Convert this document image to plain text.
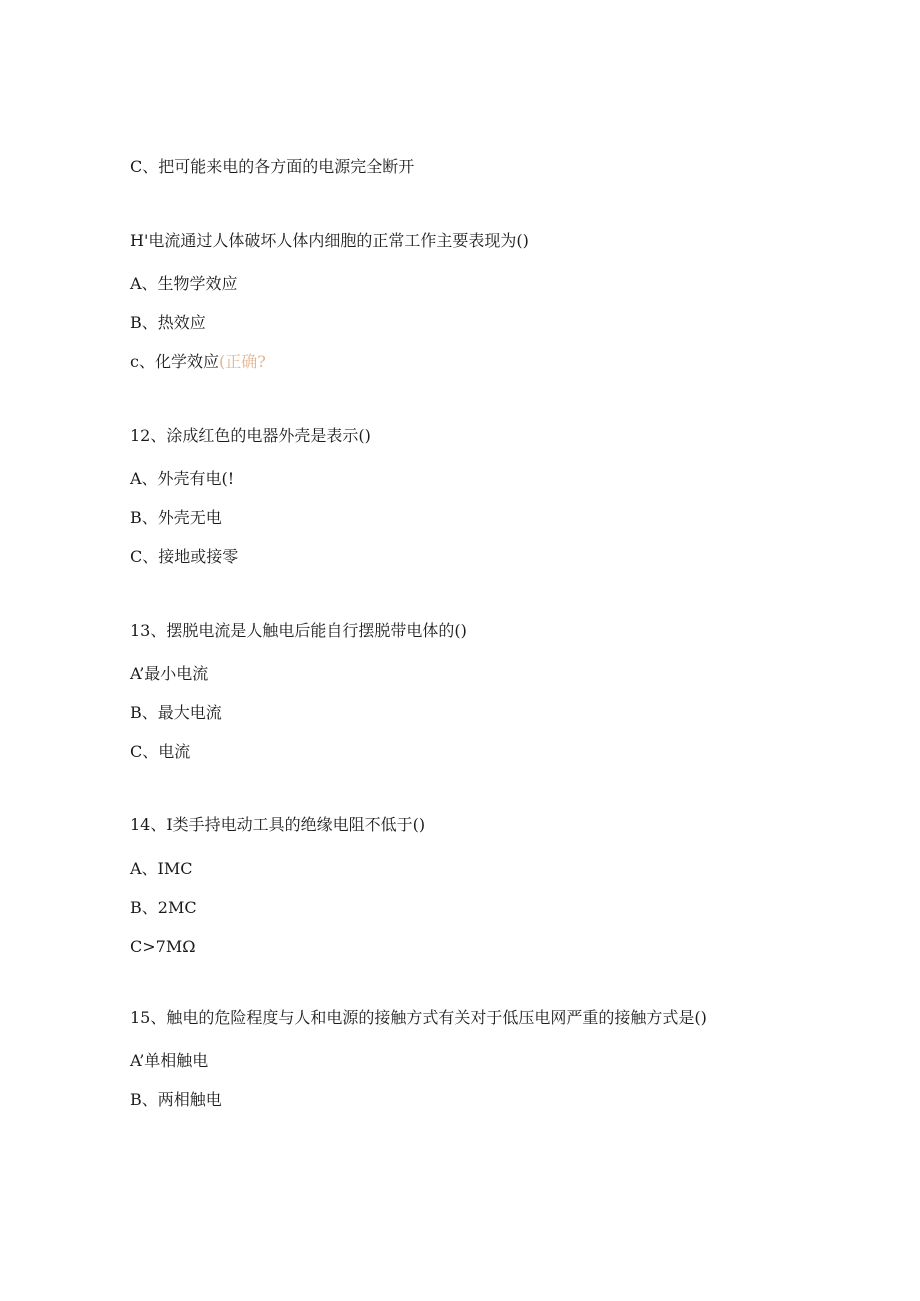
C、把可能来电的各方面的电源完全断开
H'电流通过人体破坏人体内细胞的正常工作主要表现为()
A、生物学效应
B、热效应
c、化学效应(正确?
12、涂成红色的电器外壳是表示()
A、外壳有电(!
B、外壳无电
C、接地或接零
13、摆脱电流是人触电后能自行摆脱带电体的()
A’最小电流
B、最大电流
C、电流
14、I类手持电动工具的绝缘电阻不低于()
A、IMC
B、2MC
C>7MΩ
15、触电的危险程度与人和电源的接触方式有关对于低压电网严重的接触方式是()
A’单相触电
B、两相触电
